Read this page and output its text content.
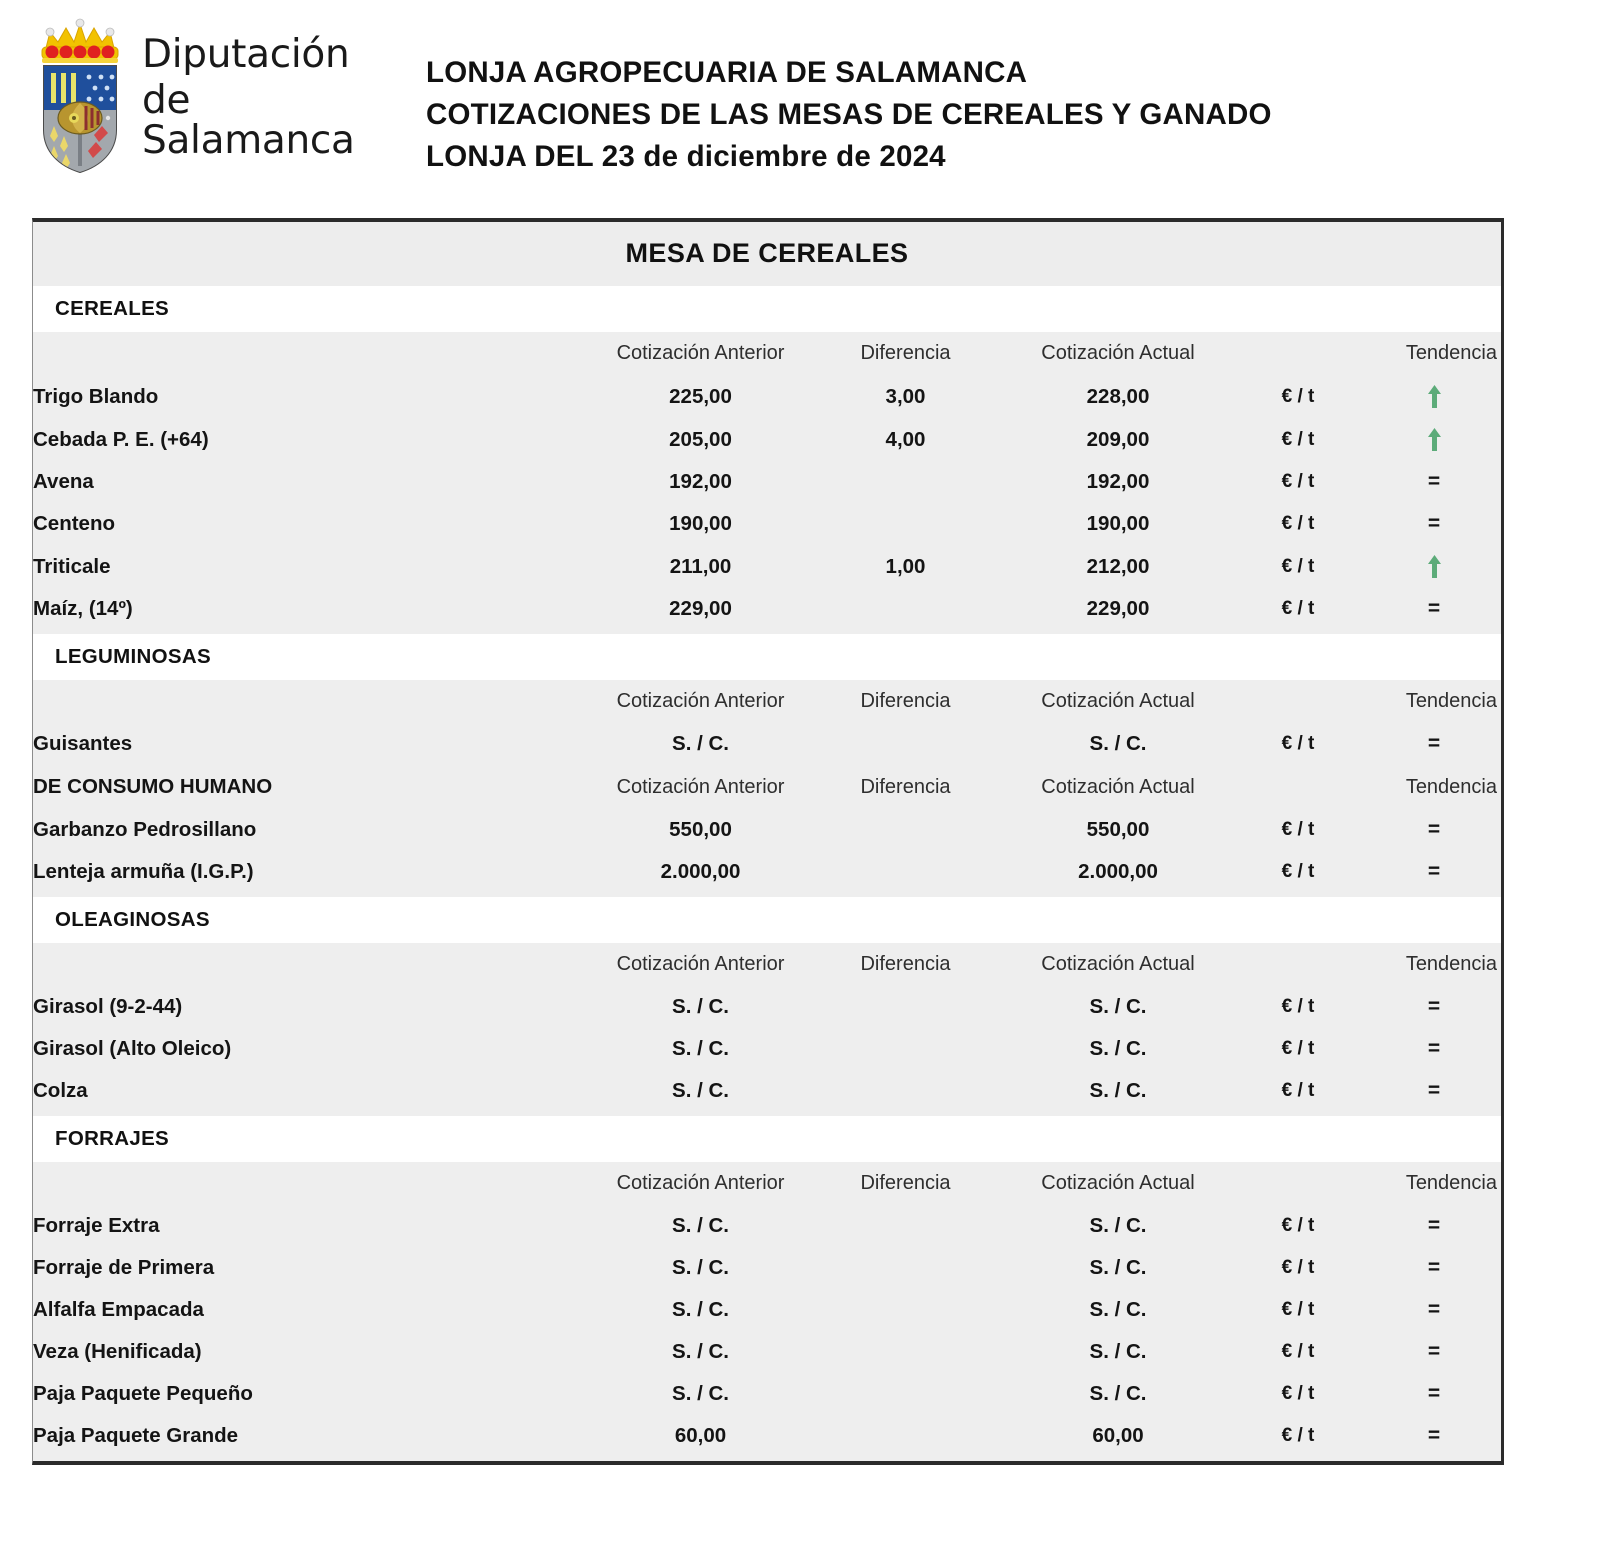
Diputación
de Salamanca
LONJA AGROPECUARIA DE SALAMANCA
COTIZACIONES DE LAS MESAS DE CEREALES Y GANADO
LONJA DEL 23 de diciembre de 2024
MESA DE CEREALES
CEREALES
	Cotización Anterior	Diferencia	Cotización Actual		Tendencia
Trigo Blando	225,00	3,00	228,00	€ / t	

Cebada P. E. (+64)	205,00	4,00	209,00	€ / t	

Avena	192,00		192,00	€ / t	=
Centeno	190,00		190,00	€ / t	=
Triticale	211,00	1,00	212,00	€ / t	

Maíz, (14º)	229,00		229,00	€ / t	=
LEGUMINOSAS
	Cotización Anterior	Diferencia	Cotización Actual		Tendencia
Guisantes	S. / C.		S. / C.	€ / t	=
DE CONSUMO HUMANO	Cotización Anterior	Diferencia	Cotización Actual		Tendencia
Garbanzo Pedrosillano	550,00		550,00	€ / t	=
Lenteja armuña (I.G.P.)	2.000,00		2.000,00	€ / t	=
OLEAGINOSAS
	Cotización Anterior	Diferencia	Cotización Actual		Tendencia
Girasol (9-2-44)	S. / C.		S. / C.	€ / t	=
Girasol (Alto Oleico)	S. / C.		S. / C.	€ / t	=
Colza	S. / C.		S. / C.	€ / t	=
FORRAJES
	Cotización Anterior	Diferencia	Cotización Actual		Tendencia
Forraje Extra	S. / C.		S. / C.	€ / t	=
Forraje de Primera	S. / C.		S. / C.	€ / t	=
Alfalfa Empacada	S. / C.		S. / C.	€ / t	=
Veza (Henificada)	S. / C.		S. / C.	€ / t	=
Paja Paquete Pequeño	S. / C.		S. / C.	€ / t	=
Paja Paquete Grande	60,00		60,00	€ / t	=
